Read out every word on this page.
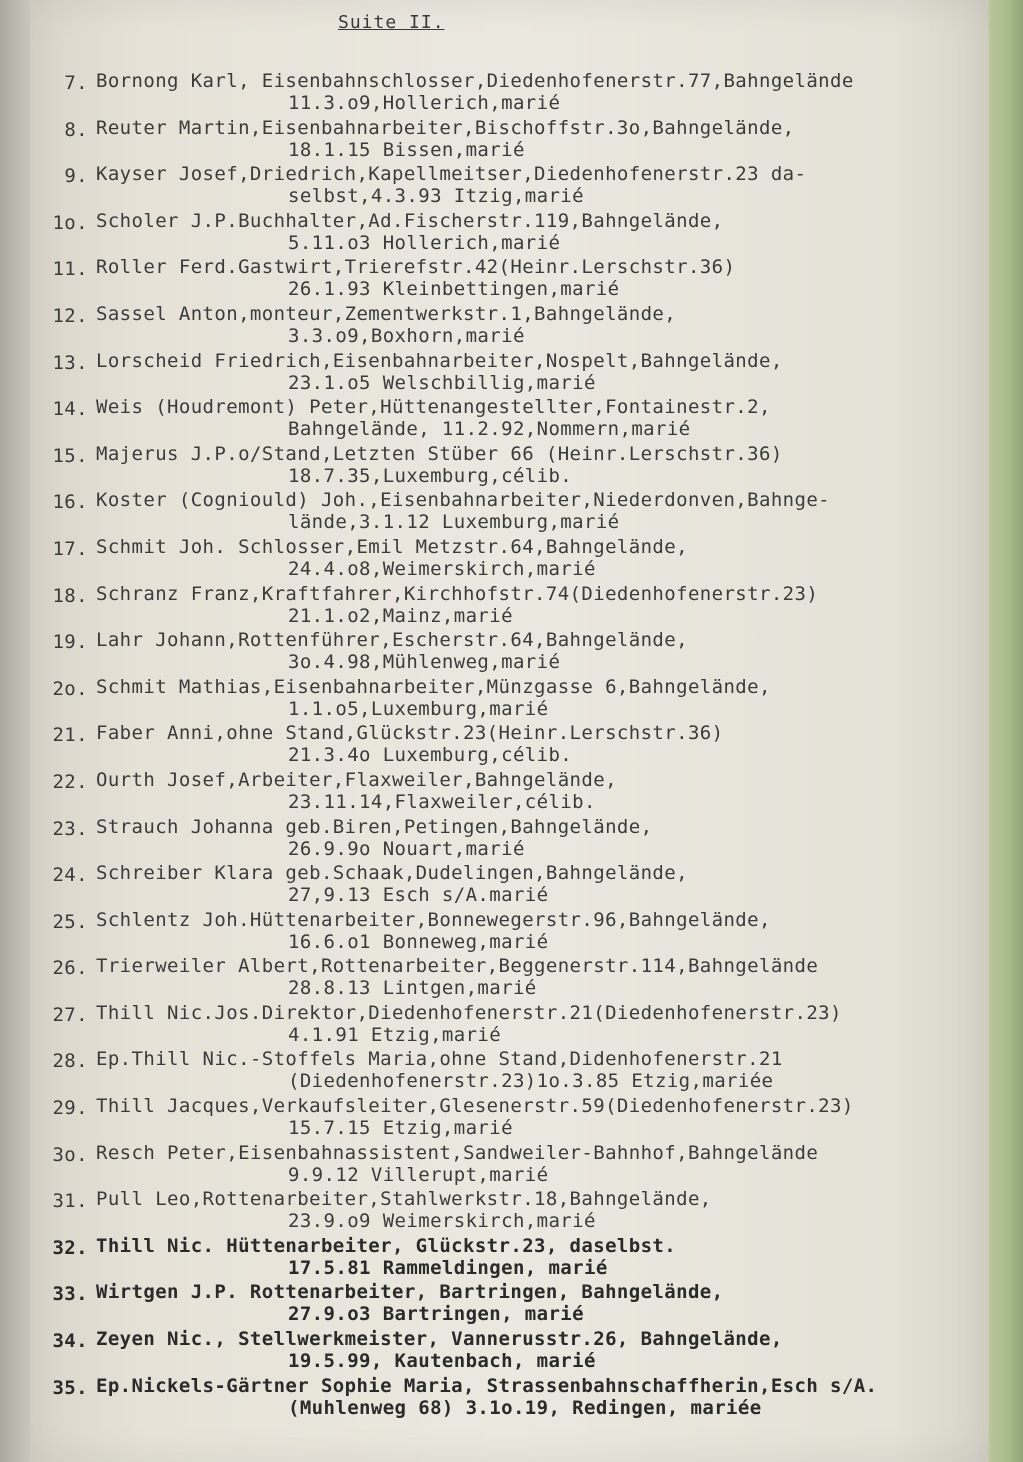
Suite II.
7. Bornong Karl, Eisenbahnschlosser,Diedenhofenerstr.77,Bahngelände
11.3.o9,Hollerich,marié
8. Reuter Martin,Eisenbahnarbeiter,Bischoffstr.3o,Bahngelände,
18.1.15 Bissen,marié
9. Kayser Josef,Driedrich,Kapellmeitser,Diedenhofenerstr.23 da-
selbst,4.3.93 Itzig,marié
1o. Scholer J.P.Buchhalter,Ad.Fischerstr.119,Bahngelände,
5.11.o3 Hollerich,marié
11. Roller Ferd.Gastwirt,Trierefstr.42(Heinr.Lerschstr.36)
26.1.93 Kleinbettingen,marié
12. Sassel Anton,monteur,Zementwerkstr.1,Bahngelände,
3.3.o9,Boxhorn,marié
13. Lorscheid Friedrich,Eisenbahnarbeiter,Nospelt,Bahngelände,
23.1.o5 Welschbillig,marié
14. Weis (Houdremont) Peter,Hüttenangestellter,Fontainestr.2,
Bahngelände, 11.2.92,Nommern,marié
15. Majerus J.P.o/Stand,Letzten Stüber 66 (Heinr.Lerschstr.36)
18.7.35,Luxemburg,célib.
16. Koster (Cogniould) Joh.,Eisenbahnarbeiter,Niederdonven,Bahnge-
lände,3.1.12 Luxemburg,marié
17. Schmit Joh. Schlosser,Emil Metzstr.64,Bahngelände,
24.4.o8,Weimerskirch,marié
18. Schranz Franz,Kraftfahrer,Kirchhofstr.74(Diedenhofenerstr.23)
21.1.o2,Mainz,marié
19. Lahr Johann,Rottenführer,Escherstr.64,Bahngelände,
3o.4.98,Mühlenweg,marié
2o. Schmit Mathias,Eisenbahnarbeiter,Münzgasse 6,Bahngelände,
1.1.o5,Luxemburg,marié
21. Faber Anni,ohne Stand,Glückstr.23(Heinr.Lerschstr.36)
21.3.4o Luxemburg,célib.
22. Ourth Josef,Arbeiter,Flaxweiler,Bahngelände,
23.11.14,Flaxweiler,célib.
23. Strauch Johanna geb.Biren,Petingen,Bahngelände,
26.9.9o Nouart,marié
24. Schreiber Klara geb.Schaak,Dudelingen,Bahngelände,
27,9.13 Esch s/A.marié
25. Schlentz Joh.Hüttenarbeiter,Bonnewegerstr.96,Bahngelände,
16.6.o1 Bonneweg,marié
26. Trierweiler Albert,Rottenarbeiter,Beggenerstr.114,Bahngelände
28.8.13 Lintgen,marié
27. Thill Nic.Jos.Direktor,Diedenhofenerstr.21(Diedenhofenerstr.23)
4.1.91 Etzig,marié
28. Ep.Thill Nic.-Stoffels Maria,ohne Stand,Didenhofenerstr.21
(Diedenhofenerstr.23)1o.3.85 Etzig,mariée
29. Thill Jacques,Verkaufsleiter,Glesenerstr.59(Diedenhofenerstr.23)
15.7.15 Etzig,marié
3o. Resch Peter,Eisenbahnassistent,Sandweiler-Bahnhof,Bahngelände
9.9.12 Villerupt,marié
31. Pull Leo,Rottenarbeiter,Stahlwerkstr.18,Bahngelände,
23.9.o9 Weimerskirch,marié
32. Thill Nic. Hüttenarbeiter, Glückstr.23, daselbst.
17.5.81 Rammeldingen, marié
33. Wirtgen J.P. Rottenarbeiter, Bartringen, Bahngelände,
27.9.o3 Bartringen, marié
34. Zeyen Nic., Stellwerkmeister, Vannerusstr.26, Bahngelände,
19.5.99, Kautenbach, marié
35. Ep.Nickels-Gärtner Sophie Maria, Strassenbahnschaffherin,Esch s/A.
(Muhlenweg 68) 3.1o.19, Redingen, mariée
